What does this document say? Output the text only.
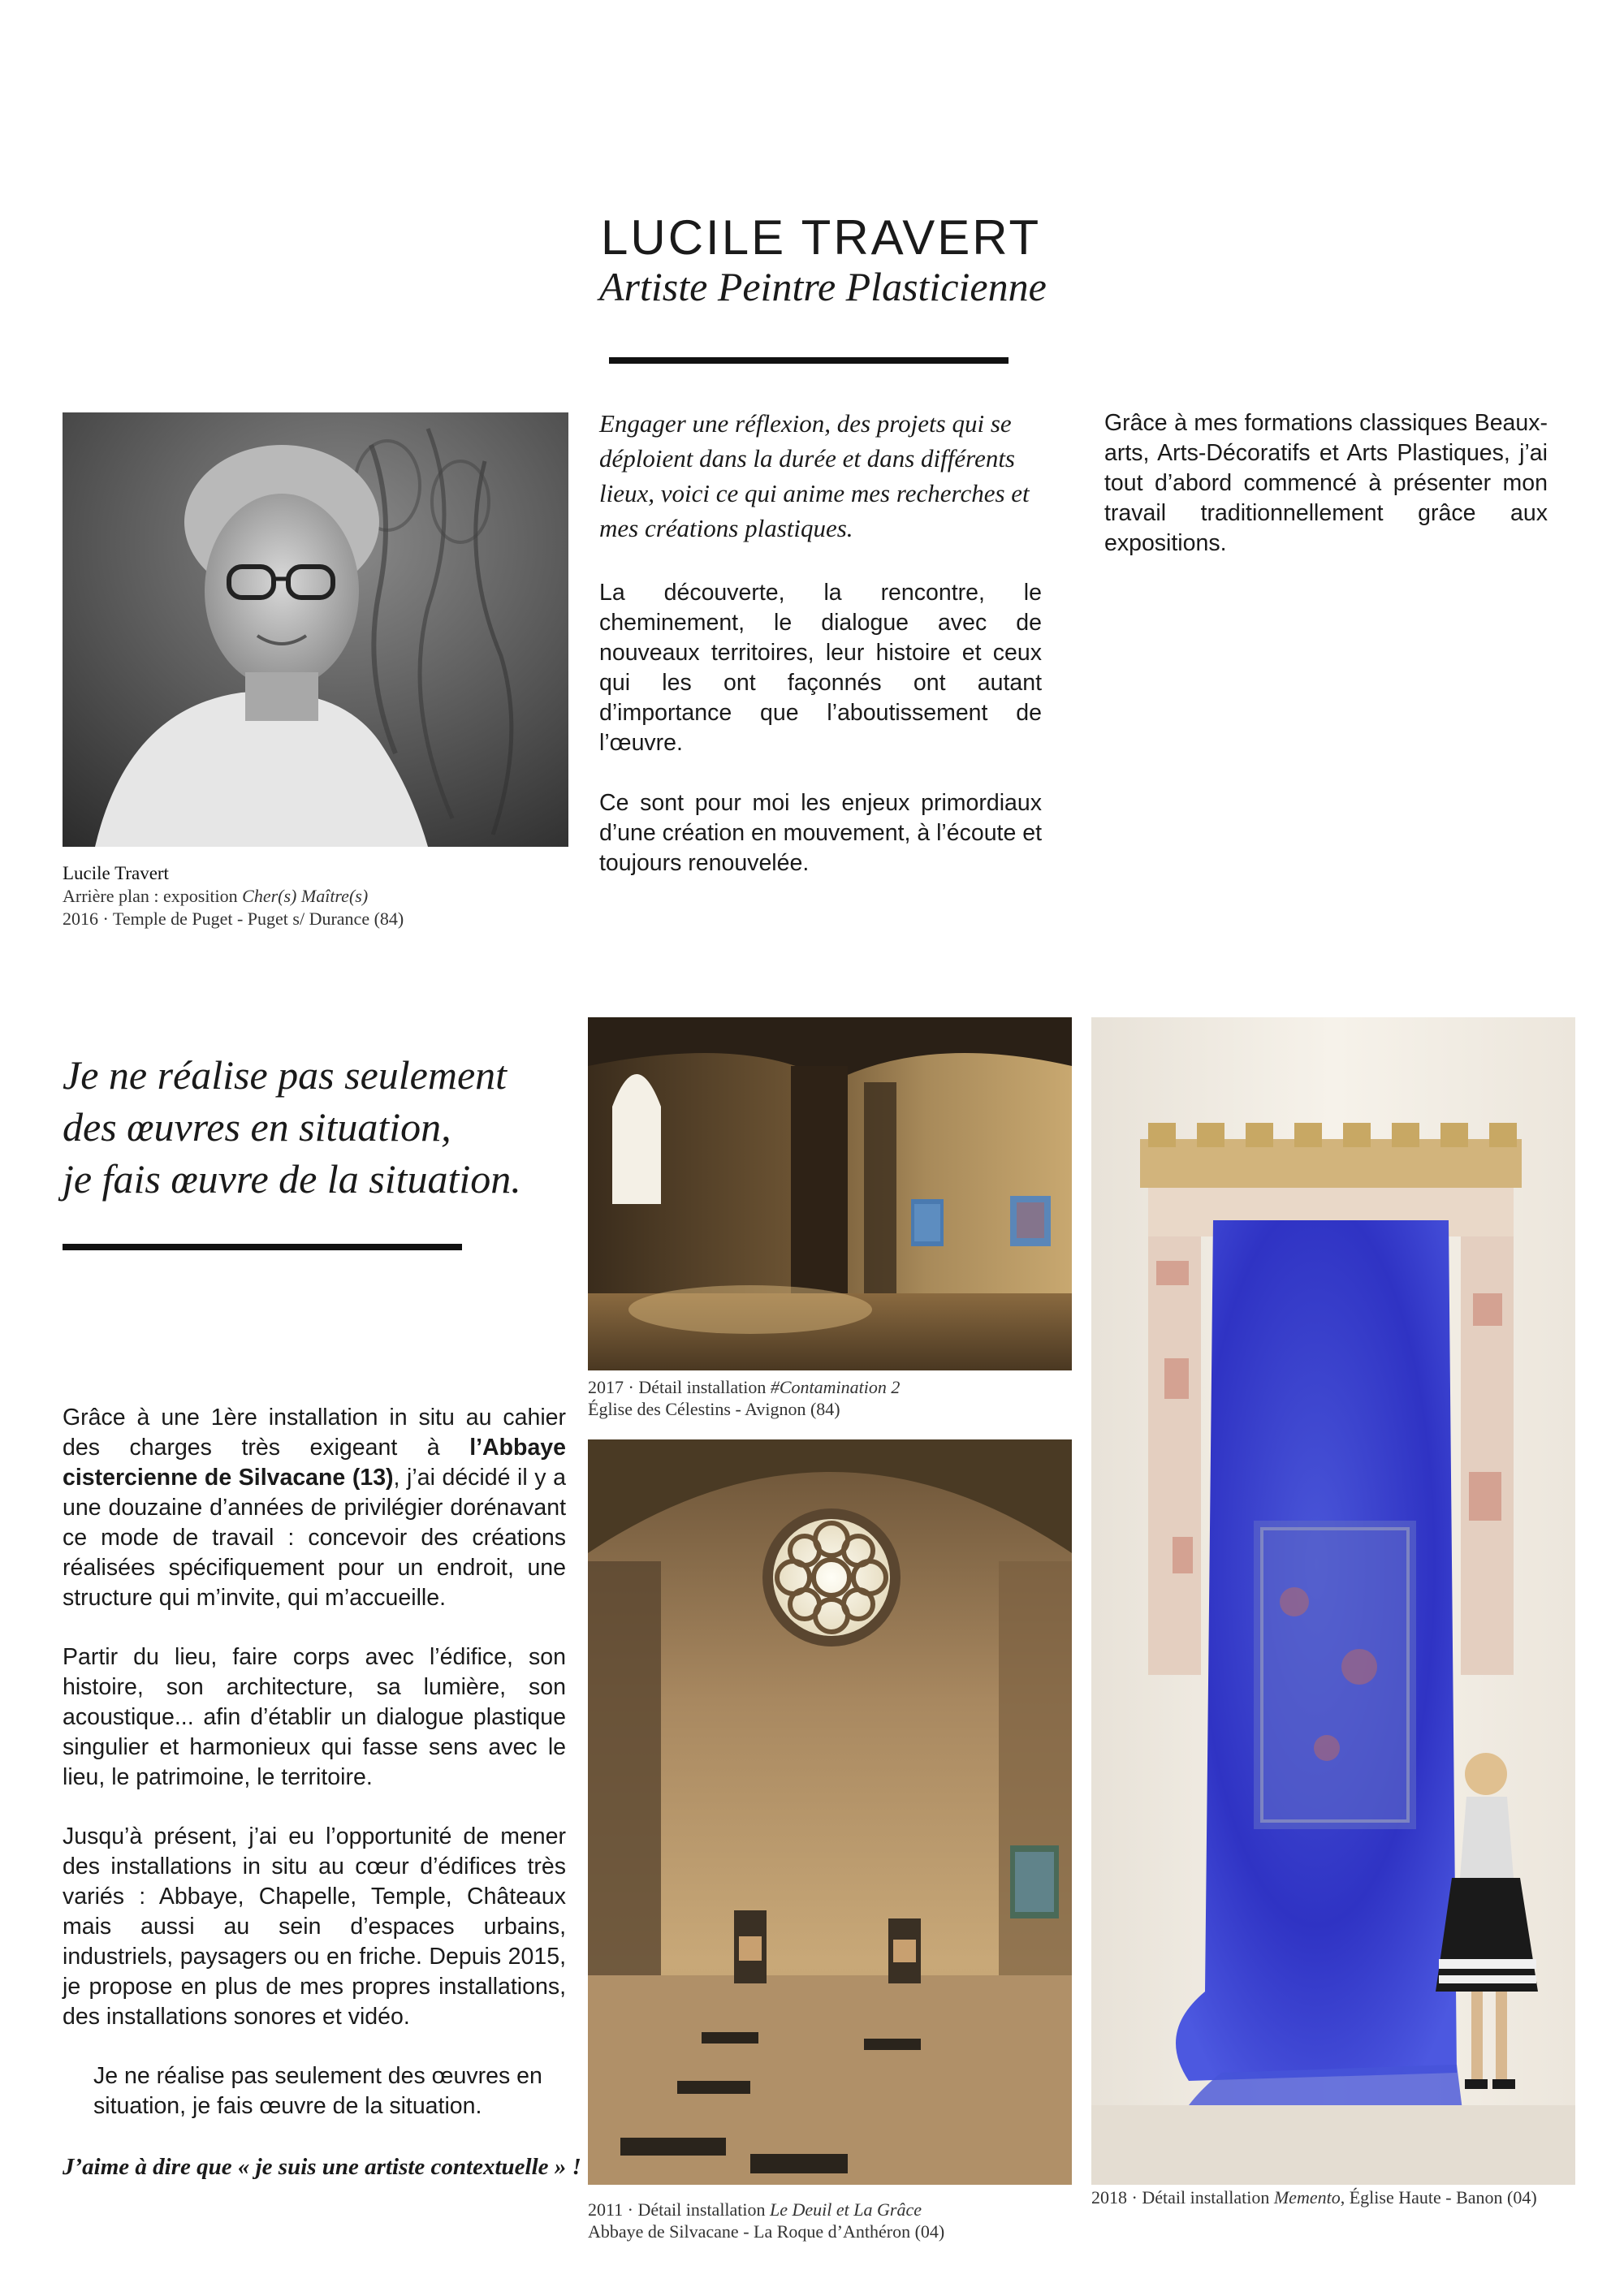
LUCILE TRAVERT
Artiste Peintre Plasticienne
Lucile Travert
Arrière plan : exposition Cher(s) Maître(s)
2016 · Temple de Puget - Puget s/ Durance (84)

Engager une réflexion, des projets qui se déploient dans la durée et dans différents lieux, voici ce qui anime mes recherches et mes créations plastiques.

La découverte, la rencontre, le cheminement, le dialogue avec de nouveaux territoires, leur histoire et ceux qui les ont façonnés ont autant d’importance que l’aboutissement de l’œuvre.

Ce sont pour moi les enjeux primordiaux d’une création en mouvement, à l’écoute et toujours renouvelée.

Grâce à mes formations classiques Beaux-arts, Arts-Décoratifs et Arts Plastiques, j’ai tout d’abord commencé à présenter mon travail traditionnellement grâce aux expositions.

Je ne réalise pas seulement
des œuvres en situation,
je fais œuvre de la situation.

Grâce à une 1ère installation in situ au cahier des charges très exigeant à l’Abbaye cistercienne de Silvacane (13), j’ai décidé il y a une douzaine d’années de privilégier dorénavant ce mode de travail : concevoir des créations réalisées spécifiquement pour un endroit, une structure qui m’invite, qui m’accueille.

Partir du lieu, faire corps avec l’édifice, son histoire, son architecture, sa lumière, son acoustique... afin d’établir un dialogue plastique singulier et harmonieux qui fasse sens avec le lieu, le patrimoine, le territoire.

Jusqu’à présent, j’ai eu l’opportunité de mener des installations in situ au cœur d’édifices très variés : Abbaye, Chapelle, Temple, Châteaux mais aussi au sein d’espaces urbains, industriels, paysagers ou en friche. Depuis 2015, je propose en plus de mes propres installations, des installations sonores et vidéo.

Je ne réalise pas seulement des œuvres en
situation, je fais œuvre de la situation.

J’aime à dire que « je suis une artiste contextuelle » !

2017 · Détail installation #Contamination 2
Église des Célestins - Avignon (84)
2011 · Détail installation Le Deuil et La Grâce
Abbaye de Silvacane - La Roque d’Anthéron (04)
2018 · Détail installation Memento, Église Haute - Banon (04)
